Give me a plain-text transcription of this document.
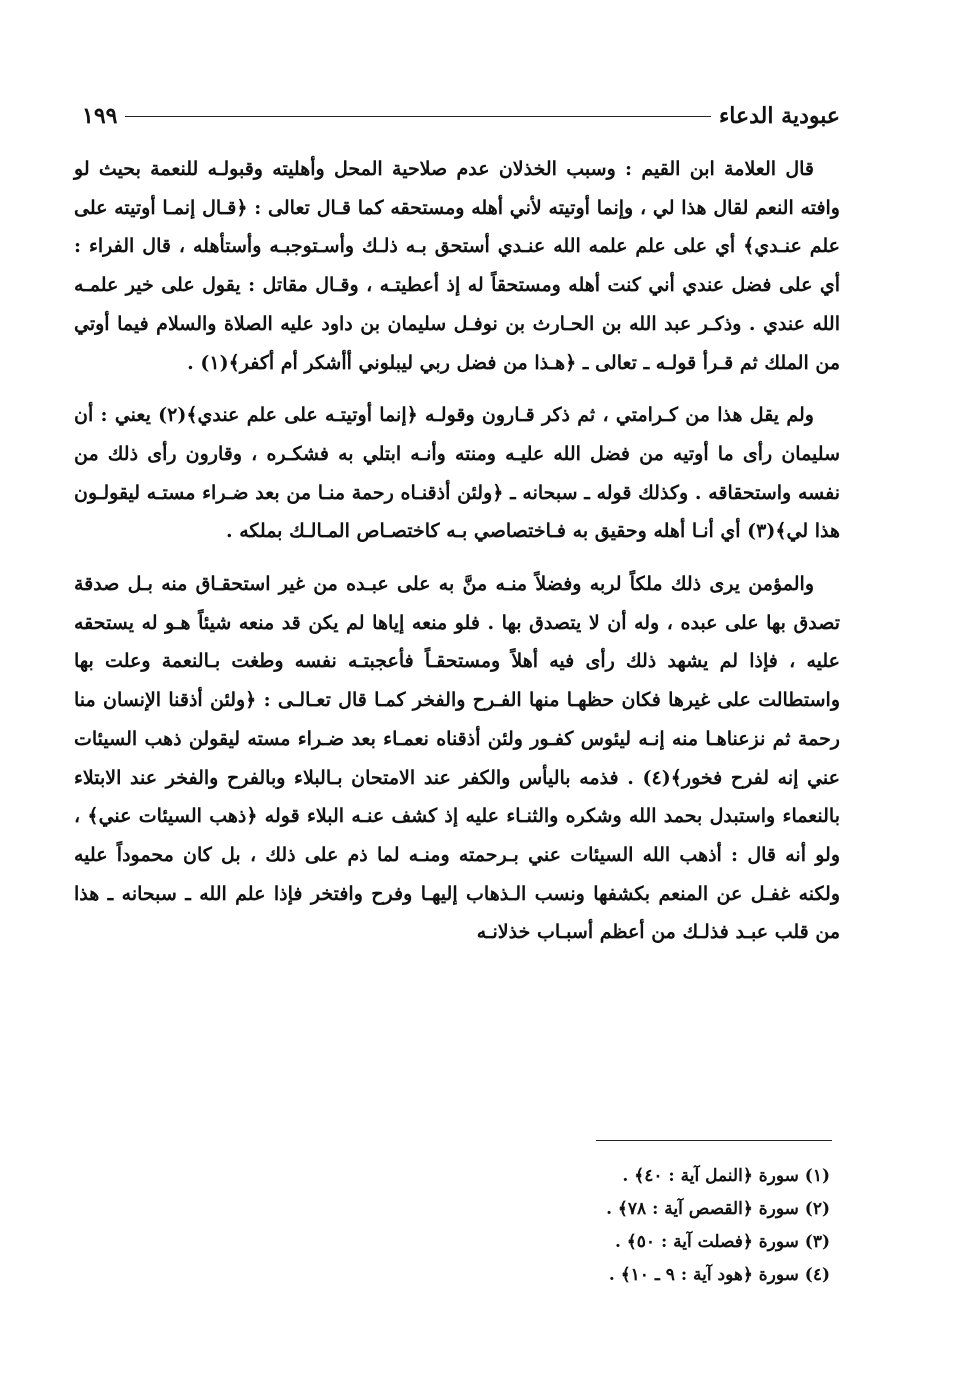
عبودية الدعاء
١٩٩

قال العلامة ابن القيم : وسبب الخذلان عدم صلاحية المحل وأهليته وقبولـه للنعمة بحيث لو وافته النعم لقال هذا لي ، وإنما أوتيته لأني أهله ومستحقه كما قـال تعالى : ﴿قـال إنمـا أوتيته على علم عنـدي﴾ أي على علم علمه الله عنـدي أستحق بـه ذلـك وأسـتوجبـه وأستأهله ، قال الفراء : أي على فضل عندي أني كنت أهله ومستحقاً له إذ أعطيتـه ، وقـال مقاتل : يقول على خير علمـه الله عندي . وذكـر عبد الله بن الحـارث بن نوفـل سليمان بن داود عليه الصلاة والسلام فيما أوتي من الملك ثم قـرأ قولـه ـ تعالى ـ ﴿هـذا من فضل ربي ليبلوني أأشكر أم أكفر﴾(١) .

ولم يقل هذا من كـرامتي ، ثم ذكر قـارون وقولـه ﴿إنما أوتيتـه على علم عندي﴾(٢) يعني : أن سليمان رأى ما أوتيه من فضل الله عليـه ومنته وأنـه ابتلي به فشكـره ، وقارون رأى ذلك من نفسه واستحقاقه . وكذلك قوله ـ سبحانه ـ ﴿ولئن أذقنـاه رحمة منـا من بعد ضـراء مستـه ليقولـون هذا لي﴾(٣) أي أنـا أهله وحقيق به فـاختصاصي بـه كاختصـاص المـالـك بملكه .

والمؤمن يرى ذلك ملكاً لربه وفضلاً منـه منَّ به على عبـده من غير استحقـاق منه بـل صدقة تصدق بها على عبده ، وله أن لا يتصدق بها . فلو منعه إياها لم يكن قد منعه شيئاً هـو له يستحقه عليه ، فإذا لم يشهد ذلك رأى فيه أهلاً ومستحقـاً فأعجبتـه نفسه وطغت بـالنعمة وعلت بها واستطالت على غيرها فكان حظهـا منها الفـرح والفخر كمـا قال تعـالـى : ﴿ولئن أذقنا الإنسان منا رحمة ثم نزعناهـا منه إنـه ليئوس كفـور ولئن أذقناه نعمـاء بعد ضـراء مسته ليقولن ذهب السيئات عني إنه لفرح فخور﴾(٤) . فذمه باليأس والكفر عند الامتحان بـالبلاء وبالفرح والفخر عند الابتلاء بالنعماء واستبدل بحمد الله وشكره والثنـاء عليه إذ كشف عنـه البلاء قوله ﴿ذهب السيئات عني﴾ ، ولو أنه قال : أذهب الله السيئات عني بـرحمته ومنـه لما ذم على ذلك ، بل كان محموداً عليه ولكنه غفـل عن المنعم بكشفها ونسب الـذهاب إليهـا وفرح وافتخر فإذا علم الله ـ سبحانه ـ هذا من قلب عبـد فذلـك من أعظم أسبـاب خذلانـه

(١) سورة ﴿النمل آية : ٤٠﴾ .
(٢) سورة ﴿القصص آية : ٧٨﴾ .
(٣) سورة ﴿فصلت آية : ٥٠﴾ .
(٤) سورة ﴿هود آية : ٩ ـ ١٠﴾ .
